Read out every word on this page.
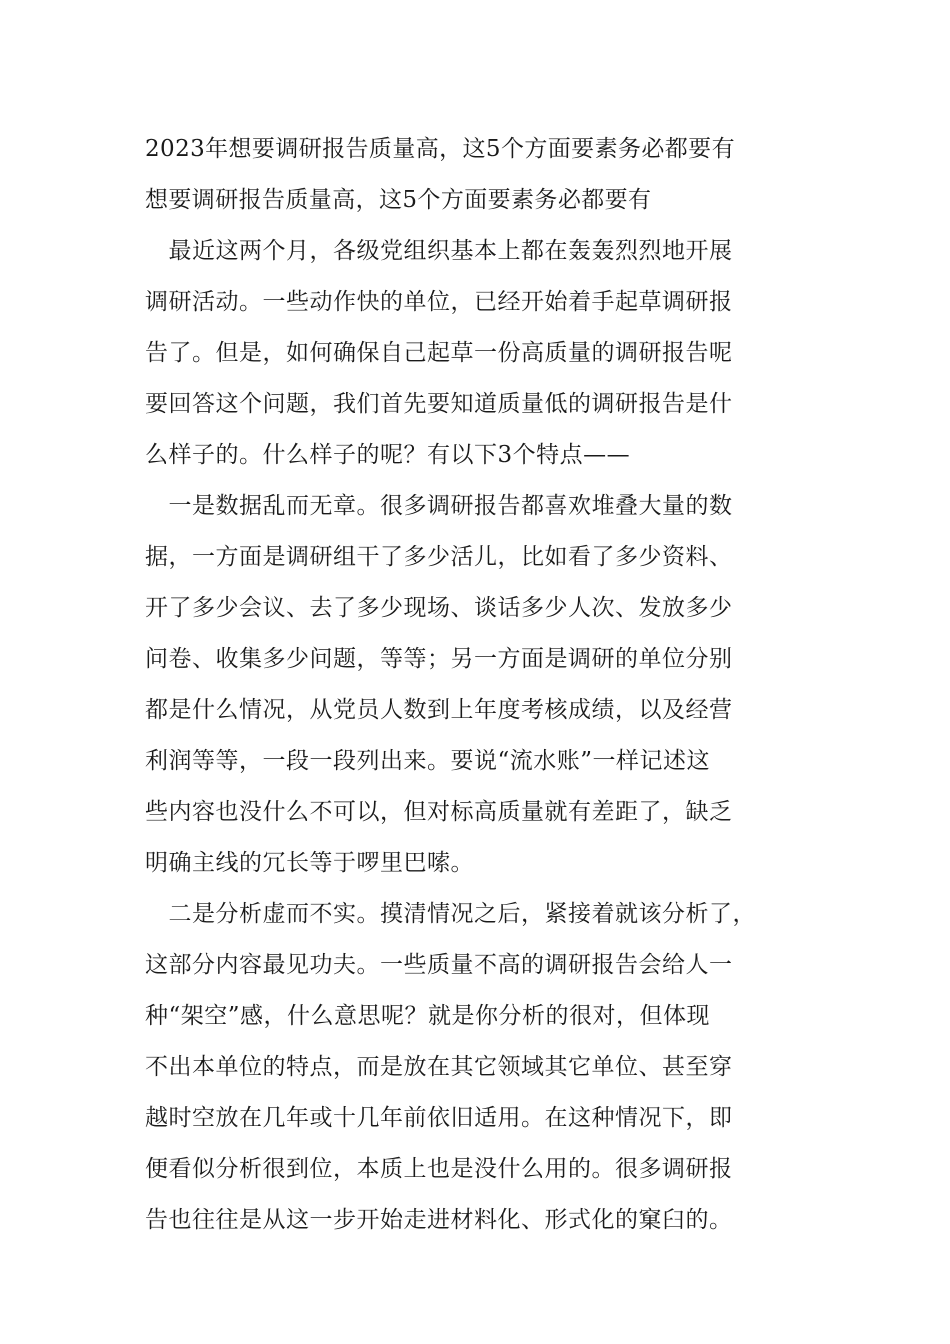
2023年想要调研报告质量高，这5个方面要素务必都要有
想要调研报告质量高，这5个方面要素务必都要有
　最近这两个月，各级党组织基本上都在轰轰烈烈地开展
调研活动。一些动作快的单位，已经开始着手起草调研报
告了。但是，如何确保自己起草一份高质量的调研报告呢
要回答这个问题，我们首先要知道质量低的调研报告是什
么样子的。什么样子的呢？有以下3个特点——
　一是数据乱而无章。很多调研报告都喜欢堆叠大量的数
据，一方面是调研组干了多少活儿，比如看了多少资料、
开了多少会议、去了多少现场、谈话多少人次、发放多少
问卷、收集多少问题，等等；另一方面是调研的单位分别
都是什么情况，从党员人数到上年度考核成绩，以及经营
利润等等，一段一段列出来。要说“流水账”一样记述这
些内容也没什么不可以，但对标高质量就有差距了，缺乏
明确主线的冗长等于啰里巴嗦。
　二是分析虚而不实。摸清情况之后，紧接着就该分析了，
这部分内容最见功夫。一些质量不高的调研报告会给人一
种“架空”感，什么意思呢？就是你分析的很对，但体现
不出本单位的特点，而是放在其它领域其它单位、甚至穿
越时空放在几年或十几年前依旧适用。在这种情况下，即
便看似分析很到位，本质上也是没什么用的。很多调研报
告也往往是从这一步开始走进材料化、形式化的窠臼的。
